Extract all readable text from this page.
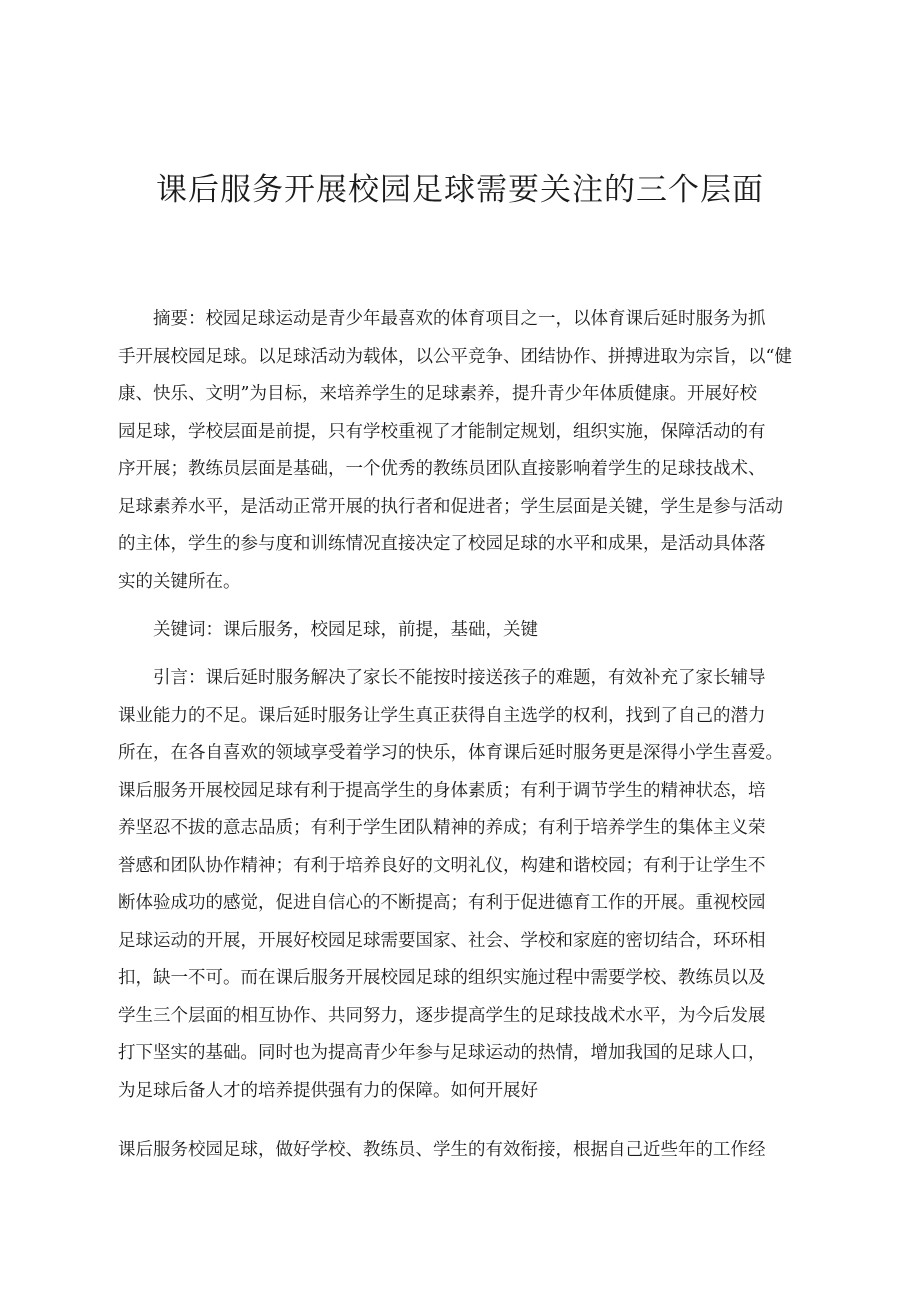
课后服务开展校园足球需要关注的三个层面
摘要：校园足球运动是青少年最喜欢的体育项目之一，以体育课后延时服务为抓
手开展校园足球。以足球活动为载体，以公平竞争、团结协作、拼搏进取为宗旨，以“健
康、快乐、文明”为目标，来培养学生的足球素养，提升青少年体质健康。开展好校
园足球，学校层面是前提，只有学校重视了才能制定规划，组织实施，保障活动的有
序开展；教练员层面是基础，一个优秀的教练员团队直接影响着学生的足球技战术、
足球素养水平，是活动正常开展的执行者和促进者；学生层面是关键，学生是参与活动
的主体，学生的参与度和训练情况直接决定了校园足球的水平和成果，是活动具体落
实的关键所在。

关键词：课后服务，校园足球，前提，基础，关键

引言：课后延时服务解决了家长不能按时接送孩子的难题，有效补充了家长辅导
课业能力的不足。课后延时服务让学生真正获得自主选学的权利，找到了自己的潜力
所在，在各自喜欢的领域享受着学习的快乐，体育课后延时服务更是深得小学生喜爱。
课后服务开展校园足球有利于提高学生的身体素质；有利于调节学生的精神状态，培
养坚忍不拔的意志品质；有利于学生团队精神的养成；有利于培养学生的集体主义荣
誉感和团队协作精神；有利于培养良好的文明礼仪，构建和谐校园；有利于让学生不
断体验成功的感觉，促进自信心的不断提高；有利于促进德育工作的开展。重视校园
足球运动的开展，开展好校园足球需要国家、社会、学校和家庭的密切结合，环环相
扣，缺一不可。而在课后服务开展校园足球的组织实施过程中需要学校、教练员以及
学生三个层面的相互协作、共同努力，逐步提高学生的足球技战术水平，为今后发展
打下坚实的基础。同时也为提高青少年参与足球运动的热情，增加我国的足球人口，
为足球后备人才的培养提供强有力的保障。如何开展好

课后服务校园足球，做好学校、教练员、学生的有效衔接，根据自己近些年的工作经
